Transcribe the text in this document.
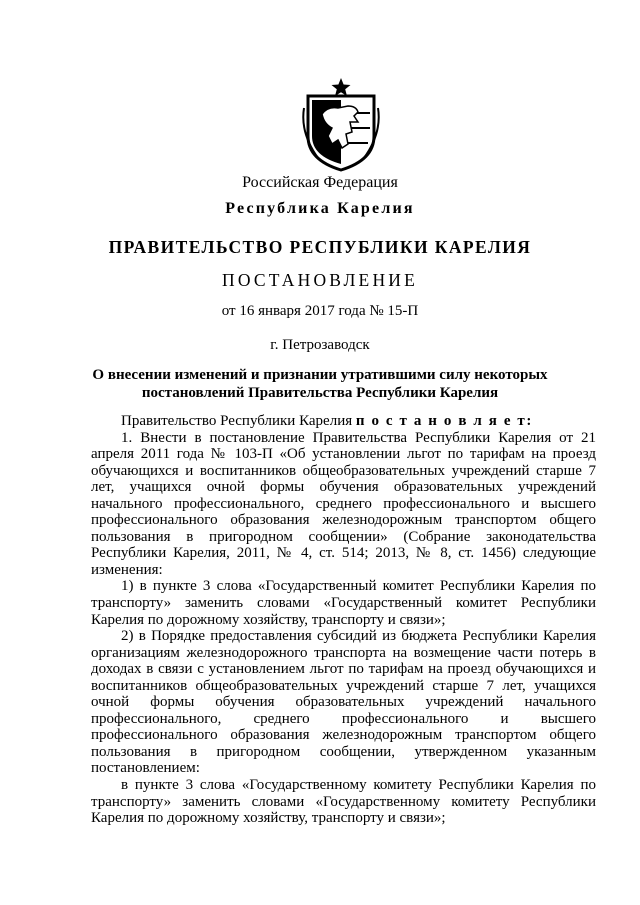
Российская Федерация
Республика Карелия
ПРАВИТЕЛЬСТВО РЕСПУБЛИКИ КАРЕЛИЯ
ПОСТАНОВЛЕНИЕ
от 16 января 2017 года № 15-П
г. Петрозаводск
О внесении изменений и признании утратившими силу некоторых
постановлений Правительства Республики Карелия

Правительство Республики Карелия п о с т а н о в л я е т:

1. Внести в постановление Правительства Республики Карелия от 21 апреля 2011 года № 103-П «Об установлении льгот по тарифам на проезд обучающихся и воспитанников общеобразовательных учреждений старше 7 лет, учащихся очной формы обучения образовательных учреждений начального профессионального, среднего профессионального и высшего профессионального образования железнодорожным транспортом общего пользования в пригородном сообщении» (Собрание законодательства Республики Карелия, 2011, № 4, ст. 514; 2013, № 8, ст. 1456) следующие изменения:

1) в пункте 3 слова «Государственный комитет Республики Карелия по транспорту» заменить словами «Государственный комитет Республики Карелия по дорожному хозяйству, транспорту и связи»;

2) в Порядке предоставления субсидий из бюджета Республики Карелия организациям железнодорожного транспорта на возмещение части потерь в доходах в связи с установлением льгот по тарифам на проезд обучающихся и воспитанников общеобразовательных учреждений старше 7 лет, учащихся очной формы обучения образовательных учреждений начального профессионального, среднего профессионального и высшего профессионального образования железнодорожным транспортом общего пользования в пригородном сообщении, утвержденном указанным постановлением:

в пункте 3 слова «Государственному комитету Республики Карелия по транспорту» заменить словами «Государственному комитету Республики Карелия по дорожному хозяйству, транспорту и связи»;
